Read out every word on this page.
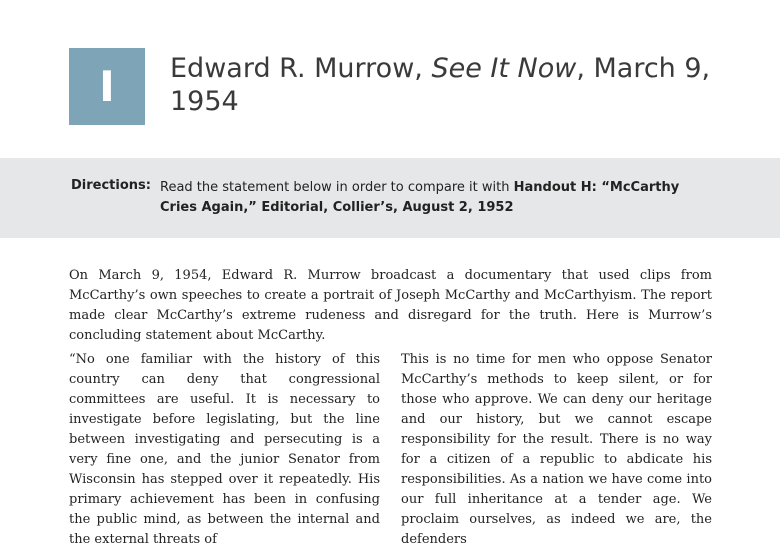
I	Edward R. Murrow, See It Now, March 9, 1954
Directions: Read the statement below in order to compare it with Handout H: “McCarthy Cries Again,” Editorial, Collier’s, August 2, 1952

On March 9, 1954, Edward R. Murrow broadcast a documentary that used clips from McCarthy’s own speeches to create a portrait of Joseph McCarthy and McCarthyism. The report made clear McCarthy’s extreme rudeness and disregard for the truth. Here is Murrow’s concluding statement about McCarthy.

“No one familiar with the history of this country can deny that congressional committees are useful. It is necessary to investigate before legislating, but the line between investigating and persecuting is a very fine one, and the junior Senator from Wisconsin has stepped over it repeatedly. His primary achievement has been in confusing the public mind, as between the internal and the external threats of

This is no time for men who oppose Senator McCarthy’s methods to keep silent, or for those who approve. We can deny our heritage and our history, but we cannot escape responsibility for the result. There is no way for a citizen of a republic to abdicate his responsibilities. As a nation we have come into our full inheritance at a tender age. We proclaim ourselves, as indeed we are, the defenders
